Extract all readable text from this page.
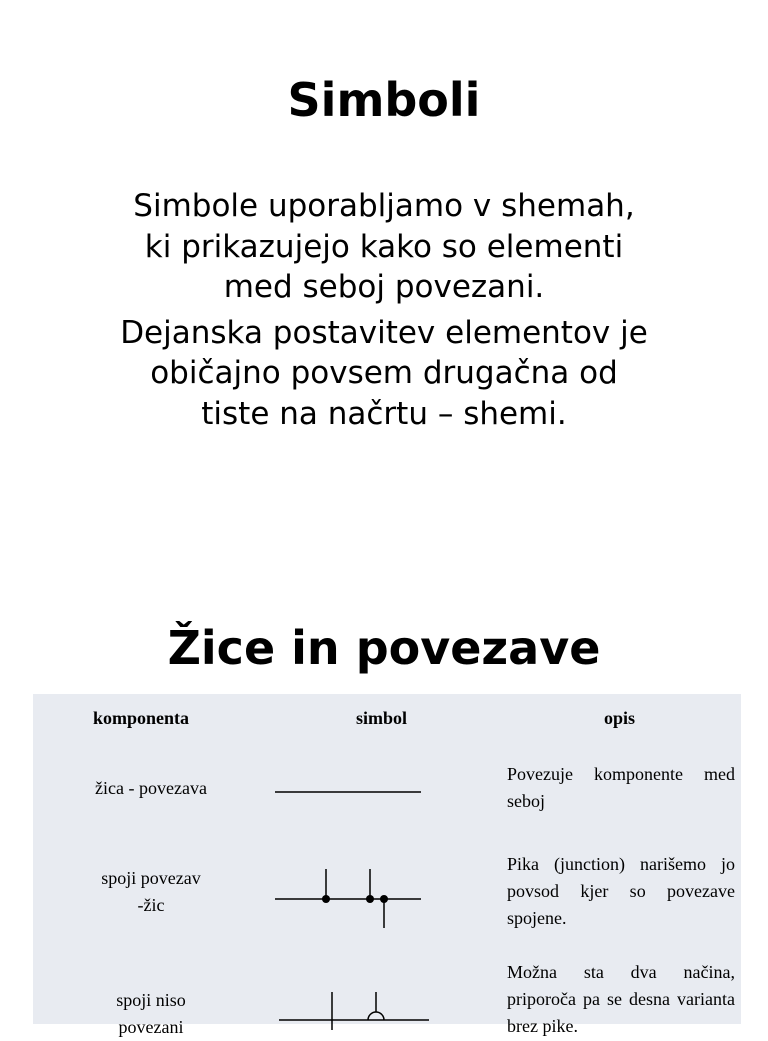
Simboli

Simbole uporabljamo v shemah, ki prikazujejo kako so elementi med seboj povezani.

Dejanska postavitev elementov je običajno povsem drugačna od tiste na načrtu – shemi.

Žice in povezave
komponenta	simbol	opis
žica - povezava
Povezuje komponente med seboj
spoji povezav
-žic
Pika (junction) narišemo jo povsod kjer so povezave spojene.
spoji niso
povezani
Možna sta dva načina, priporoča pa se desna varianta brez pike.
